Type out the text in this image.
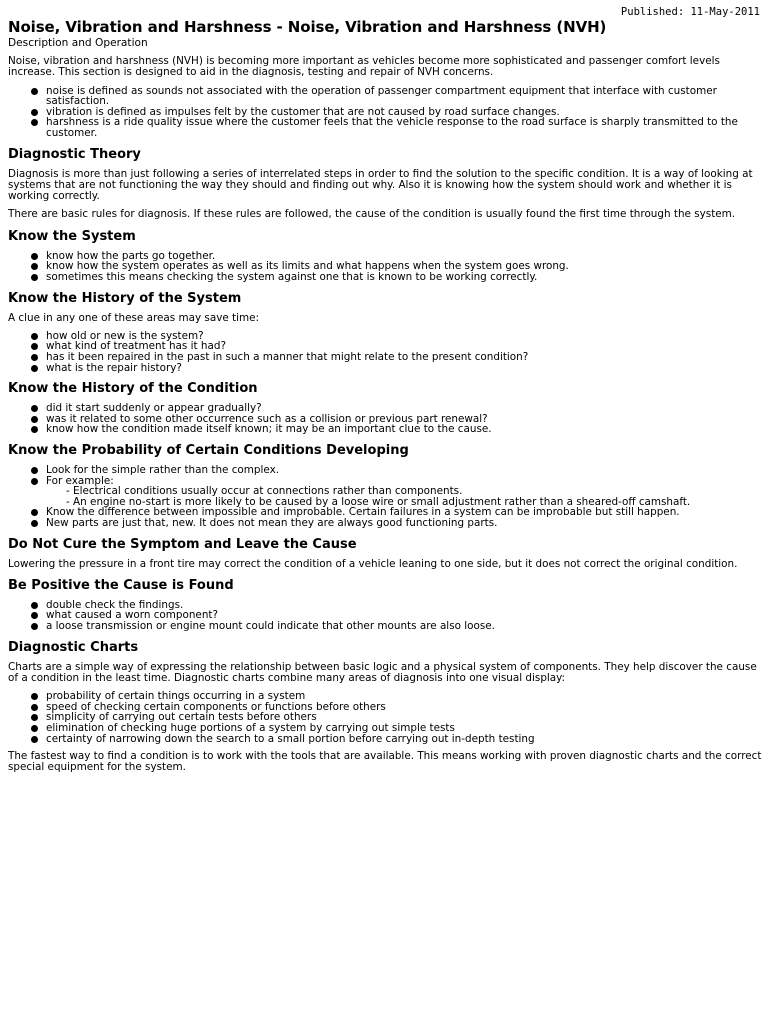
Published: 11-May-2011
Noise, Vibration and Harshness - Noise, Vibration and Harshness (NVH)
Description and Operation

Noise, vibration and harshness (NVH) is becoming more important as vehicles become more sophisticated and passenger comfort levels increase. This section is designed to aid in the diagnosis, testing and repair of NVH concerns.

noise is defined as sounds not associated with the operation of passenger compartment equipment that interface with customer satisfaction.
vibration is defined as impulses felt by the customer that are not caused by road surface changes.
harshness is a ride quality issue where the customer feels that the vehicle response to the road surface is sharply transmitted to the customer.
Diagnostic Theory

Diagnosis is more than just following a series of interrelated steps in order to find the solution to the specific condition. It is a way of looking at systems that are not functioning the way they should and finding out why. Also it is knowing how the system should work and whether it is working correctly.

There are basic rules for diagnosis. If these rules are followed, the cause of the condition is usually found the first time through the system.

Know the System
know how the parts go together.
know how the system operates as well as its limits and what happens when the system goes wrong.
sometimes this means checking the system against one that is known to be working correctly.
Know the History of the System

A clue in any one of these areas may save time:

how old or new is the system?
what kind of treatment has it had?
has it been repaired in the past in such a manner that might relate to the present condition?
what is the repair history?
Know the History of the Condition
did it start suddenly or appear gradually?
was it related to some other occurrence such as a collision or previous part renewal?
know how the condition made itself known; it may be an important clue to the cause.
Know the Probability of Certain Conditions Developing
Look for the simple rather than the complex.
For example:
- Electrical conditions usually occur at connections rather than components.
- An engine no-start is more likely to be caused by a loose wire or small adjustment rather than a sheared-off camshaft.
Know the difference between impossible and improbable. Certain failures in a system can be improbable but still happen.
New parts are just that, new. It does not mean they are always good functioning parts.
Do Not Cure the Symptom and Leave the Cause

Lowering the pressure in a front tire may correct the condition of a vehicle leaning to one side, but it does not correct the original condition.

Be Positive the Cause is Found
double check the findings.
what caused a worn component?
a loose transmission or engine mount could indicate that other mounts are also loose.
Diagnostic Charts

Charts are a simple way of expressing the relationship between basic logic and a physical system of components. They help discover the cause of a condition in the least time. Diagnostic charts combine many areas of diagnosis into one visual display:

probability of certain things occurring in a system
speed of checking certain components or functions before others
simplicity of carrying out certain tests before others
elimination of checking huge portions of a system by carrying out simple tests
certainty of narrowing down the search to a small portion before carrying out in-depth testing

The fastest way to find a condition is to work with the tools that are available. This means working with proven diagnostic charts and the correct special equipment for the system.
